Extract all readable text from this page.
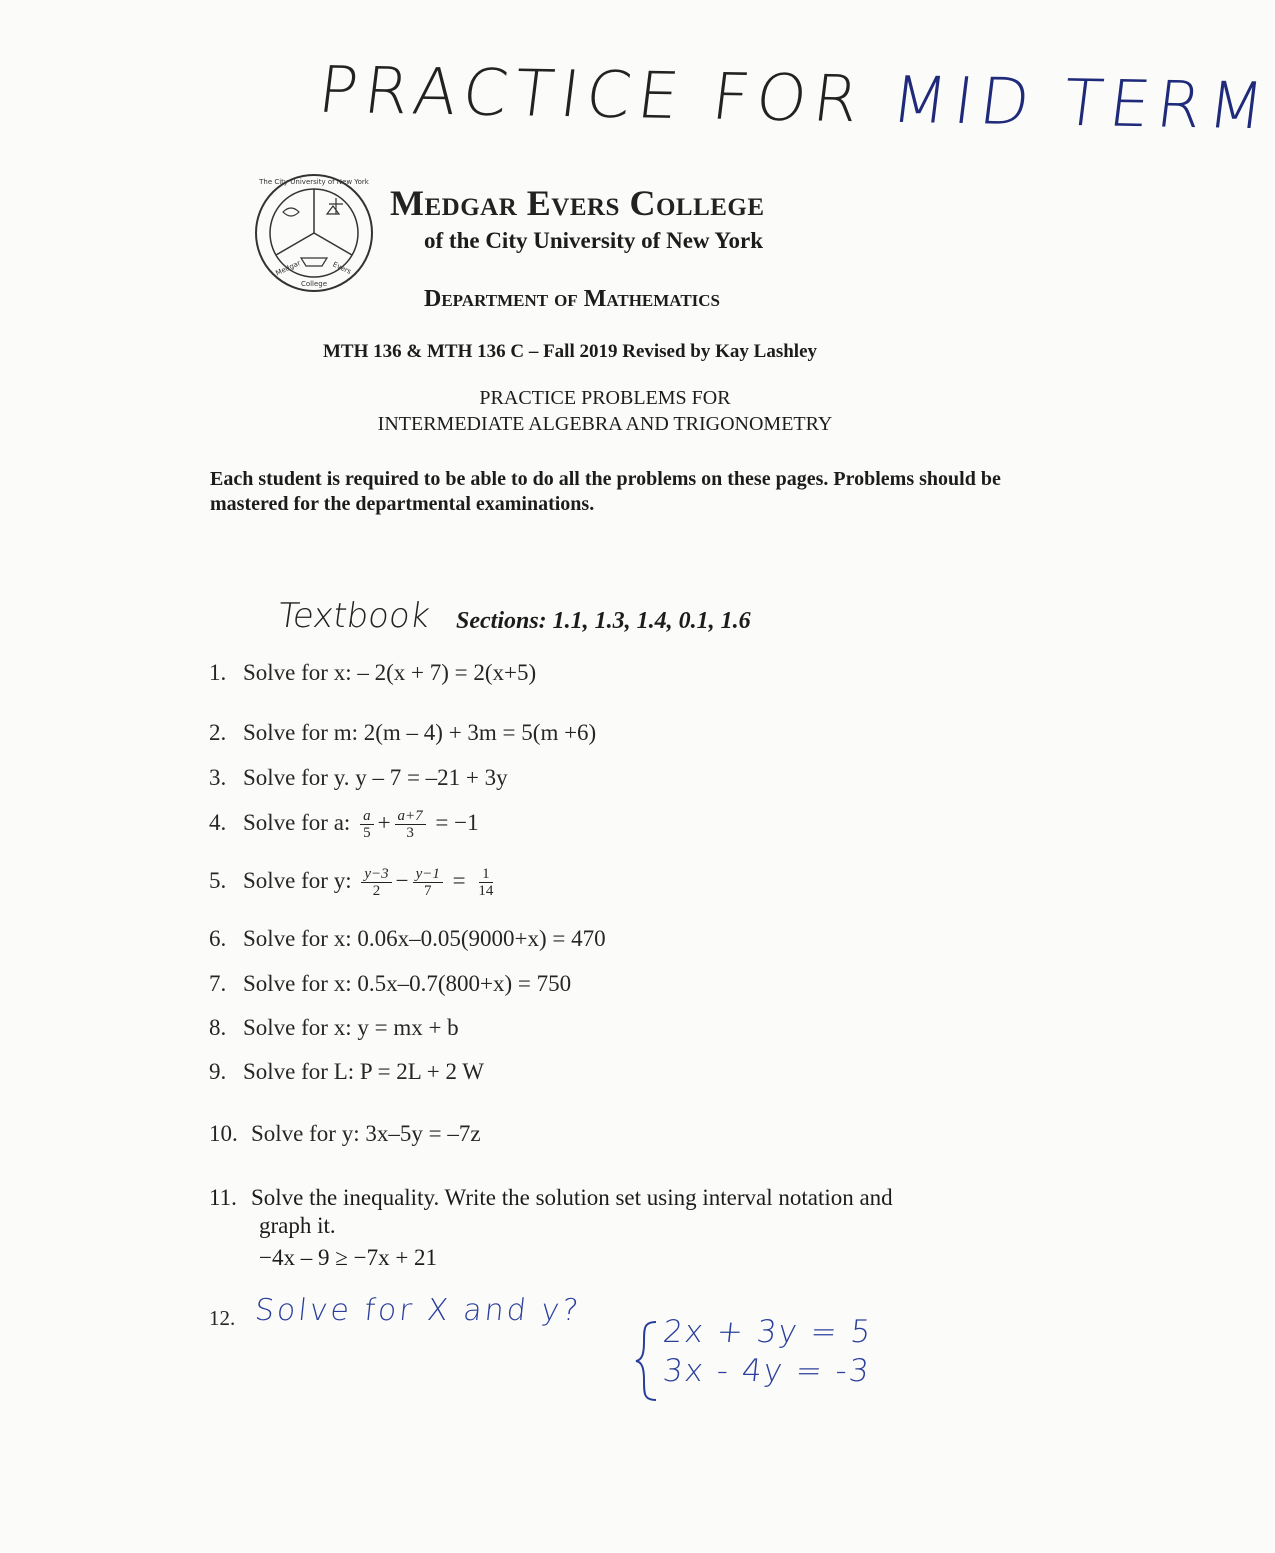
PRACTICE FOR MID TERM
The City University of New York
Medgar	Evers
College
Medgar Evers College
of the City University of New York
Department of Mathematics
MTH 136 & MTH 136 C – Fall 2019 Revised by Kay Lashley
PRACTICE PROBLEMS FOR
INTERMEDIATE ALGEBRA AND TRIGONOMETRY
Each student is required to be able to do all the problems on these pages. Problems should be mastered for the departmental examinations.
Textbook Sections: 1.1, 1.3, 1.4, 0.1, 1.6
1. Solve for x: – 2(x + 7) = 2(x+5)
2. Solve for m: 2(m – 4) + 3m = 5(m +6)
3. Solve for y. y – 7 = –21 + 3y
4. Solve for a: $\frac{a}{5} + \frac{a+7}{3} = -1$
5. Solve for y: $\frac{y-3}{2} - \frac{y-1}{7} = \frac{1}{14}$
6. Solve for x: 0.06x–0.05(9000+x) = 470
7. Solve for x: 0.5x–0.7(800+x) = 750
8. Solve for x: y = mx + b
9. Solve for L: P = 2L + 2 W
10. Solve for y: 3x–5y = –7z
11. Solve the inequality. Write the solution set using interval notation and
graph it.
−4x – 9 ≥ −7x + 21
12. Solve for X and y?
2x + 3y = 5
3x - 4y = -3
